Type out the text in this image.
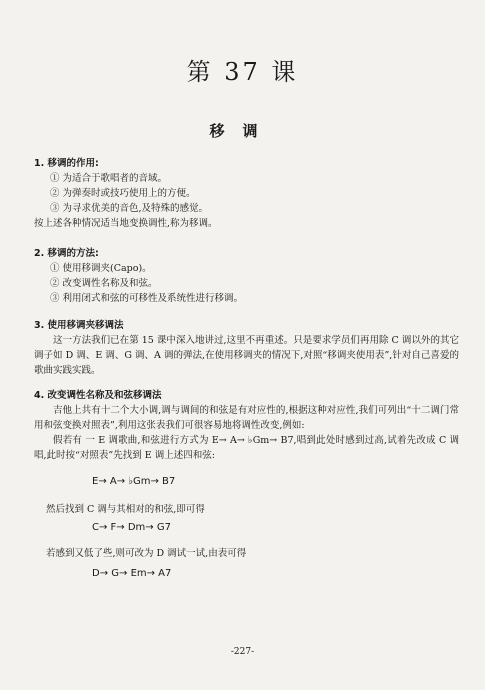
第 37 课
移调
1. 移调的作用:
① 为适合于歌唱者的音域。
② 为弹奏时或技巧使用上的方便。
③ 为寻求优美的音色,及特殊的感觉。
按上述各种情况适当地变换调性,称为移调。
2. 移调的方法:
① 使用移调夹(Capo)。
② 改变调性名称及和弦。
③ 利用闭式和弦的可移性及系统性进行移调。
3. 使用移调夹移调法
这一方法我们已在第 15 课中深入地讲过,这里不再重述。只是要求学员们再用除 C 调以外的其它调子如 D 调、E 调、G 调、A 调的弹法,在使用移调夹的情况下,对照“移调夹使用表”,针对自己喜爱的歌曲实践实践。
4. 改变调性名称及和弦移调法
吉他上共有十二个大小调,调与调间的和弦是有对应性的,根据这种对应性,我们可列出“十二调门常用和弦变换对照表”,利用这张表我们可很容易地将调性改变,例如:
假若有 一 E 调歌曲,和弦进行方式为 E→ A→ ♭Gm→ B7,唱到此处时感到过高,试着先改成 C 调唱,此时按“对照表”先找到 E 调上述四和弦:
E→ A→ ♭Gm→ B7
然后找到 C 调与其相对的和弦,即可得
C→ F→ Dm→ G7
若感到又低了些,则可改为 D 调试一试,由表可得
D→ G→ Em→ A7
-227-
